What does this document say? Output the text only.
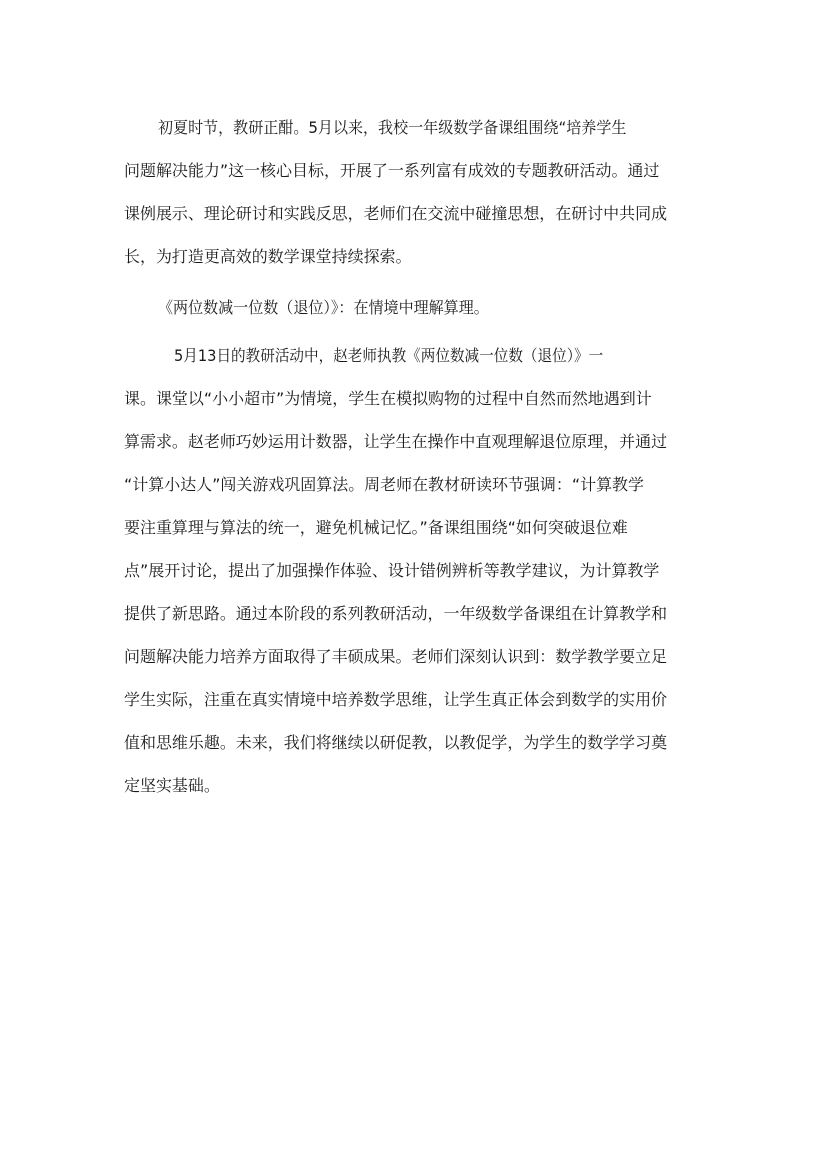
初夏时节，教研正酣。5月以来，我校一年级数学备课组围绕“培养学生
问题解决能力”这一核心目标，开展了一系列富有成效的专题教研活动。通过
课例展示、理论研讨和实践反思，老师们在交流中碰撞思想，在研讨中共同成
长，为打造更高效的数学课堂持续探索。
《两位数减一位数（退位）》：在情境中理解算理。
5月13日的教研活动中，赵老师执教《两位数减一位数（退位）》一
课。课堂以“小小超市”为情境，学生在模拟购物的过程中自然而然地遇到计
算需求。赵老师巧妙运用计数器，让学生在操作中直观理解退位原理，并通过
“计算小达人”闯关游戏巩固算法。周老师在教材研读环节强调：“计算教学
要注重算理与算法的统一，避免机械记忆。”备课组围绕“如何突破退位难
点”展开讨论，提出了加强操作体验、设计错例辨析等教学建议，为计算教学
提供了新思路。通过本阶段的系列教研活动，一年级数学备课组在计算教学和
问题解决能力培养方面取得了丰硕成果。老师们深刻认识到：数学教学要立足
学生实际，注重在真实情境中培养数学思维，让学生真正体会到数学的实用价
值和思维乐趣。未来，我们将继续以研促教，以教促学，为学生的数学学习奠
定坚实基础。
